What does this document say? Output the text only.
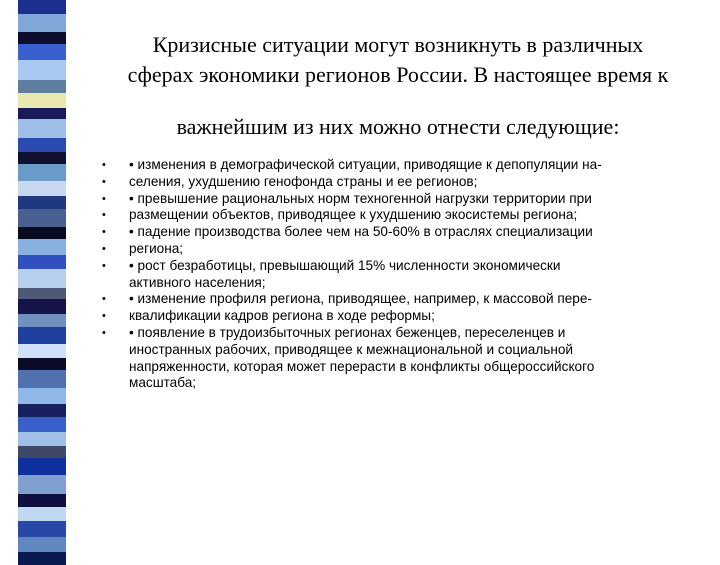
Кризисные ситуации могут возникнуть в различных
сферах экономики регионов России. В настоящее время к
важнейшим из них можно отнести следующие:
•	• изменения в демографической ситуации, приводящие к депопуляции на-
•	селения, ухудшению генофонда страны и ее регионов;
•	• превышение рациональных норм техногенной нагрузки территории при
•	размещении объектов, приводящее к ухудшению экосистемы региона;
•	• падение производства более чем на 50-60% в отраслях специализации
•	региона;
•	• рост безработицы, превышающий 15% численности экономически
активного населения;
•	• изменение профиля региона, приводящее, например, к массовой пере-
•	квалификации кадров региона в ходе реформы;
•	• появление в трудоизбыточных регионах беженцев, переселенцев и
иностранных рабочих, приводящее к межнациональной и социальной
напряженности, которая может перерасти в конфликты общероссийского
масштаба;
